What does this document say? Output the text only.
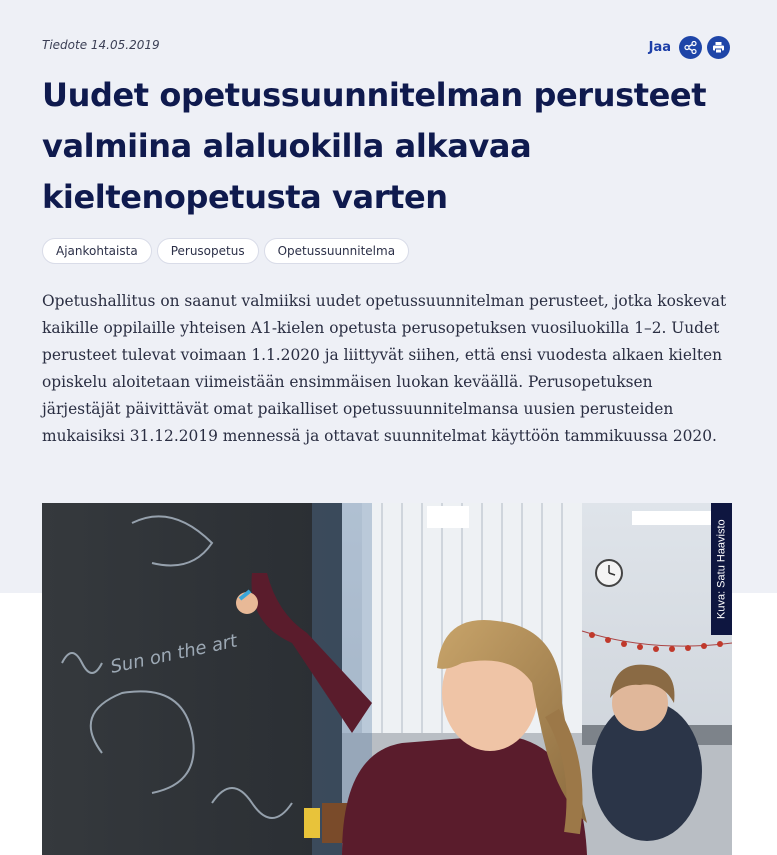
Tiedote 14.05.2019	Jaa
Uudet opetussuunnitelman perusteet valmiina alaluokilla alkavaa kieltenopetusta varten
Ajankohtaista	Perusopetus	Opetussuunnitelma

Opetushallitus on saanut valmiiksi uudet opetussuunnitelman perusteet, jotka koskevat kaikille oppilaille yhteisen A1-kielen opetusta perusopetuksen vuosiluokilla 1–2. Uudet perusteet tulevat voimaan 1.1.2020 ja liittyvät siihen, että ensi vuodesta alkaen kielten opiskelu aloitetaan viimeistään ensimmäisen luokan keväällä. Perusopetuksen järjestäjät päivittävät omat paikalliset opetussuunnitelmansa uusien perusteiden mukaisiksi 31.12.2019 mennessä ja ottavat suunnitelmat käyttöön tammikuussa 2020.

Sun on the art
Kuva: Satu Haavisto
